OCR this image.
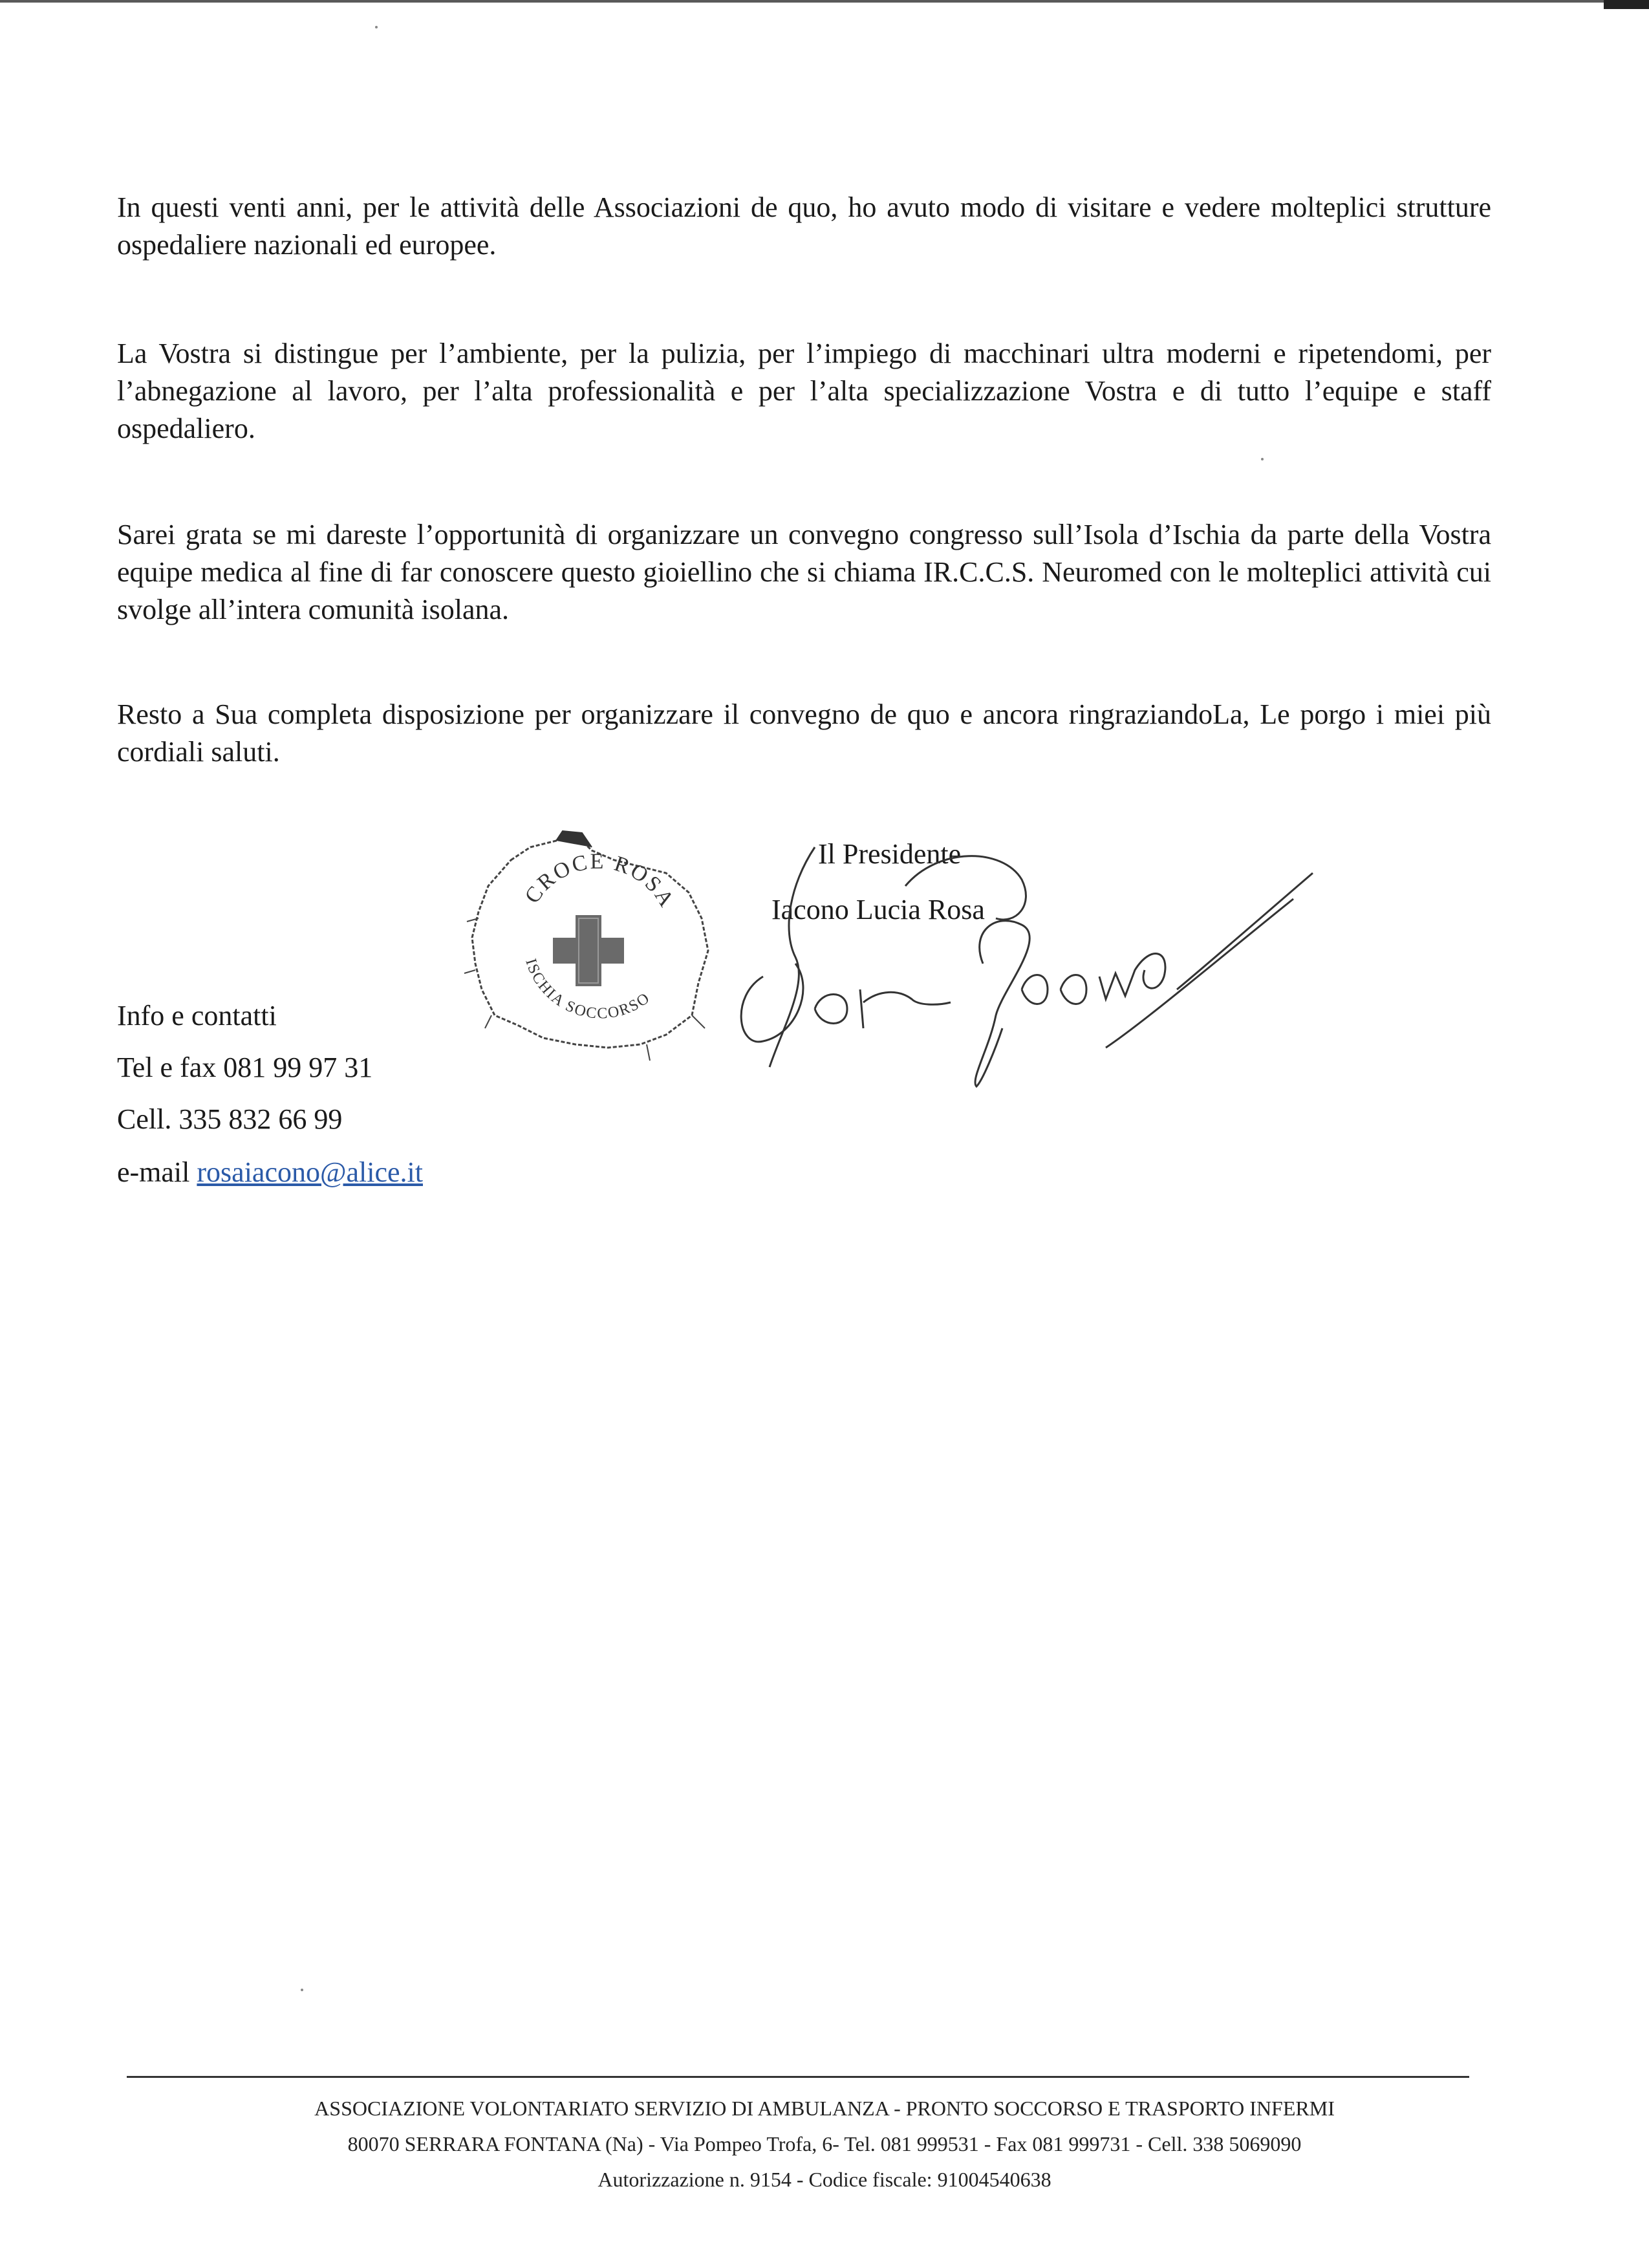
In questi venti anni, per le attività delle Associazioni de quo, ho avuto modo di visitare e vedere molteplici strutture ospedaliere nazionali ed europee.

La Vostra si distingue per l’ambiente, per la pulizia, per l’impiego di macchinari ultra moderni e ripetendomi, per l’abnegazione al lavoro, per l’alta professionalità e per l’alta specializzazione Vostra e di tutto l’equipe e staff ospedaliero.

Sarei grata se mi dareste l’opportunità di organizzare un convegno congresso sull’Isola d’Ischia da parte della Vostra equipe medica al fine di far conoscere questo gioiellino che si chiama IR.C.C.S. Neuromed con le molteplici attività cui svolge all’intera comunità isolana.

Resto a Sua completa disposizione per organizzare il convegno de quo e ancora ringraziandoLa, Le porgo i miei più cordiali saluti.

CROCE ROSA
ISCHIA SOCCORSO
Il Presidente
Iacono Lucia Rosa
Info e contatti
Tel e fax 081 99 97 31
Cell. 335 832 66 99
e-mail rosaiacono@alice.it
ASSOCIAZIONE VOLONTARIATO SERVIZIO DI AMBULANZA - PRONTO SOCCORSO E TRASPORTO INFERMI
80070 SERRARA FONTANA (Na) - Via Pompeo Trofa, 6- Tel. 081 999531 - Fax 081 999731 - Cell. 338 5069090
Autorizzazione n. 9154 - Codice fiscale: 91004540638
